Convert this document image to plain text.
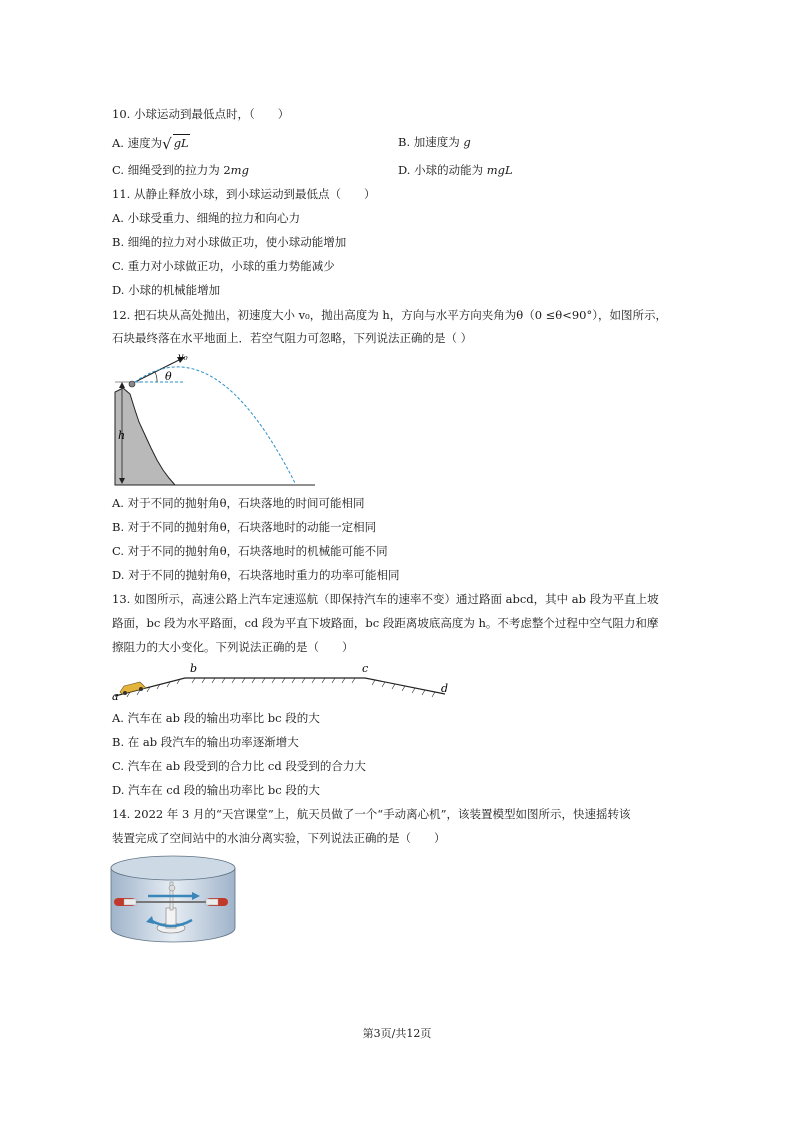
10. 小球运动到最低点时，（　　）
A. 速度为√ gL	B. 加速度为 g
C. 细绳受到的拉力为 2mg	D. 小球的动能为 mgL
11. 从静止释放小球，到小球运动到最低点（　　）
A. 小球受重力、细绳的拉力和向心力
B. 细绳的拉力对小球做正功，使小球动能增加
C. 重力对小球做正功，小球的重力势能减少
D. 小球的机械能增加
12. 把石块从高处抛出，初速度大小 v₀，抛出高度为 h，方向与水平方向夹角为θ（0 ≤θ<90°），如图所示，
石块最终落在水平地面上．若空气阻力可忽略，下列说法正确的是（ ）
h
v₀
θ
A. 对于不同的抛射角θ，石块落地的时间可能相同
B. 对于不同的抛射角θ，石块落地时的动能一定相同
C. 对于不同的抛射角θ，石块落地时的机械能可能不同
D. 对于不同的抛射角θ，石块落地时重力的功率可能相同
13. 如图所示，高速公路上汽车定速巡航（即保持汽车的速率不变）通过路面 abcd，其中 ab 段为平直上坡
路面，bc 段为水平路面，cd 段为平直下坡路面，bc 段距离坡底高度为 h。不考虑整个过程中空气阻力和摩
擦阻力的大小变化。下列说法正确的是（　　）
a
b	c
d
A. 汽车在 ab 段的输出功率比 bc 段的大
B. 在 ab 段汽车的输出功率逐渐增大
C. 汽车在 ab 段受到的合力比 cd 段受到的合力大
D. 汽车在 cd 段的输出功率比 bc 段的大
14. 2022 年 3 月的“天宫课堂”上，航天员做了一个“手动离心机”，该装置模型如图所示，快速摇转该
装置完成了空间站中的水油分离实验，下列说法正确的是（　　）
第3页/共12页
